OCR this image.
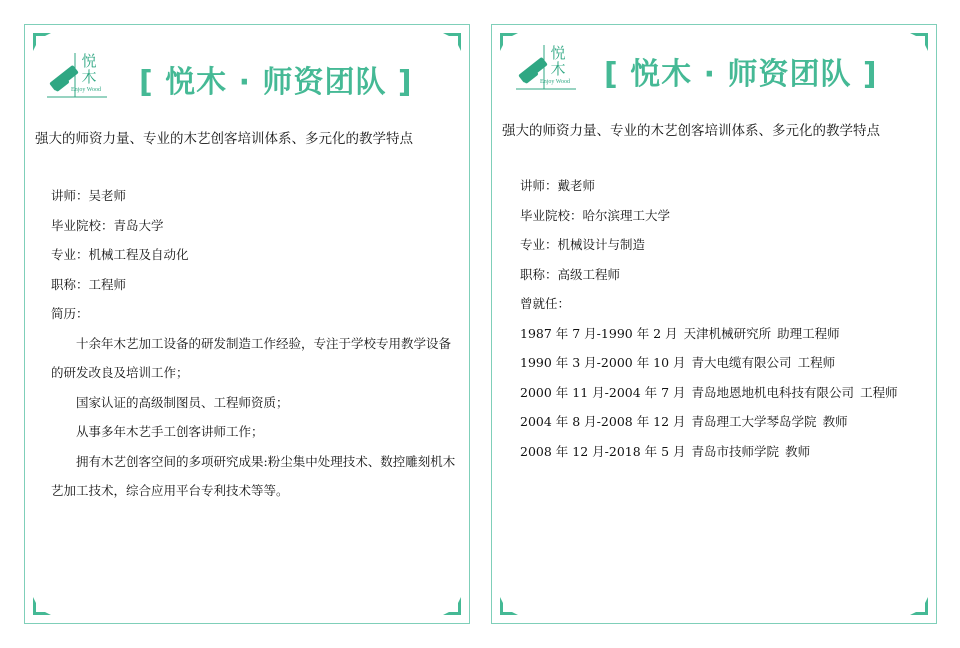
悦木
Enjoy Wood [ 悦木 · 师资团队 ]
强大的师资力量、专业的木艺创客培训体系、多元化的教学特点
讲师：吴老师
毕业院校：青岛大学
专业：机械工程及自动化
职称：工程师
简历：
十余年木艺加工设备的研发制造工作经验，专注于学校专用教学设备的研发改良及培训工作；
国家认证的高级制图员、工程师资质；
从事多年木艺手工创客讲师工作；
拥有木艺创客空间的多项研究成果:粉尘集中处理技术、数控雕刻机木艺加工技术，综合应用平台专利技术等等。
悦木
Enjoy Wood [ 悦木 · 师资团队 ]
强大的师资力量、专业的木艺创客培训体系、多元化的教学特点
讲师：戴老师
毕业院校：哈尔滨理工大学
专业：机械设计与制造
职称：高级工程师
曾就任：
1987 年 7 月-1990 年 2 月 天津机械研究所 助理工程师
1990 年 3 月-2000 年 10 月 青大电缆有限公司 工程师
2000 年 11 月-2004 年 7 月 青岛地恩地机电科技有限公司 工程师
2004 年 8 月-2008 年 12 月 青岛理工大学琴岛学院 教师
2008 年 12 月-2018 年 5 月 青岛市技师学院 教师
